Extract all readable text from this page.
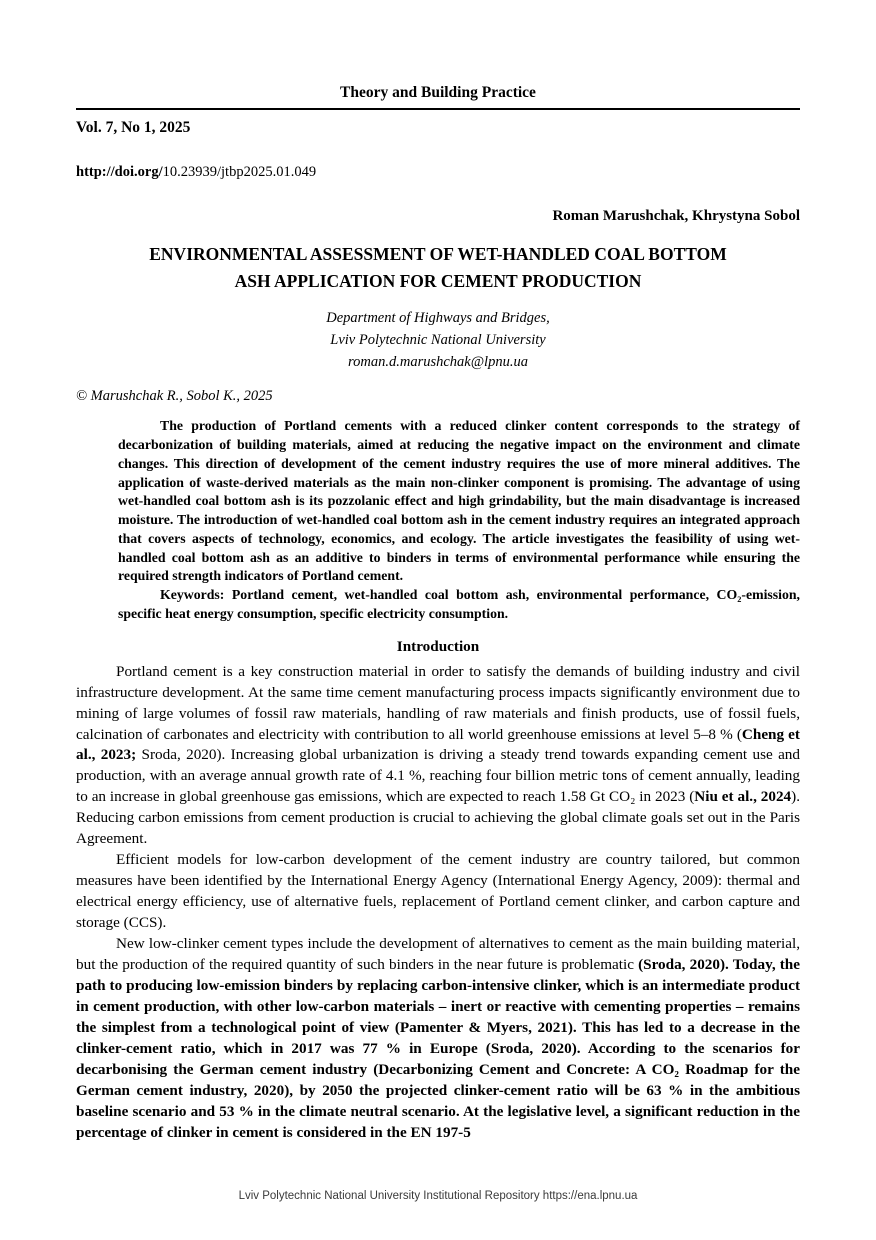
Theory and Building Practice
Vol. 7, No 1, 2025

http://doi.org/10.23939/jtbp2025.01.049

Roman Marushchak, Khrystyna Sobol

ENVIRONMENTAL ASSESSMENT OF WET-HANDLED COAL BOTTOM
ASH APPLICATION FOR CEMENT PRODUCTION
Department of Highways and Bridges,
Lviv Polytechnic National University
roman.d.marushchak@lpnu.ua

© Marushchak R., Sobol K., 2025

The production of Portland cements with a reduced clinker content corresponds to the strategy of decarbonization of building materials, aimed at reducing the negative impact on the environment and climate changes. This direction of development of the cement industry requires the use of more mineral additives. The application of waste-derived materials as the main non-clinker component is promising. The advantage of using wet-handled coal bottom ash is its pozzolanic effect and high grindability, but the main disadvantage is increased moisture. The introduction of wet-handled coal bottom ash in the cement industry requires an integrated approach that covers aspects of technology, economics, and ecology. The article investigates the feasibility of using wet-handled coal bottom ash as an additive to binders in terms of environmental performance while ensuring the required strength indicators of Portland cement.

Keywords: Portland cement, wet-handled coal bottom ash, environmental performance, CO₂-emission, specific heat energy consumption, specific electricity consumption.

Introduction

Portland cement is a key construction material in order to satisfy the demands of building industry and civil infrastructure development. At the same time cement manufacturing process impacts significantly environment due to mining of large volumes of fossil raw materials, handling of raw materials and finish products, use of fossil fuels, calcination of carbonates and electricity with contribution to all world greenhouse emissions at level 5–8 % (Cheng et al., 2023; Sroda, 2020). Increasing global urbanization is driving a steady trend towards expanding cement use and production, with an average annual growth rate of 4.1 %, reaching four billion metric tons of cement annually, leading to an increase in global greenhouse gas emissions, which are expected to reach 1.58 Gt CO₂ in 2023 (Niu et al., 2024). Reducing carbon emissions from cement production is crucial to achieving the global climate goals set out in the Paris Agreement.

Efficient models for low-carbon development of the cement industry are country tailored, but common measures have been identified by the International Energy Agency (International Energy Agency, 2009): thermal and electrical energy efficiency, use of alternative fuels, replacement of Portland cement clinker, and carbon capture and storage (CCS).

New low-clinker cement types include the development of alternatives to cement as the main building material, but the production of the required quantity of such binders in the near future is problematic (Sroda, 2020). Today, the path to producing low-emission binders by replacing carbon-intensive clinker, which is an intermediate product in cement production, with other low-carbon materials – inert or reactive with cementing properties – remains the simplest from a technological point of view (Pamenter & Myers, 2021). This has led to a decrease in the clinker-cement ratio, which in 2017 was 77 % in Europe (Sroda, 2020). According to the scenarios for decarbonising the German cement industry (Decarbonizing Cement and Concrete: A CO₂ Roadmap for the German cement industry, 2020), by 2050 the projected clinker-cement ratio will be 63 % in the ambitious baseline scenario and 53 % in the climate neutral scenario. At the legislative level, a significant reduction in the percentage of clinker in cement is considered in the EN 197-5

Lviv Polytechnic National University Institutional Repository https://ena.lpnu.ua
